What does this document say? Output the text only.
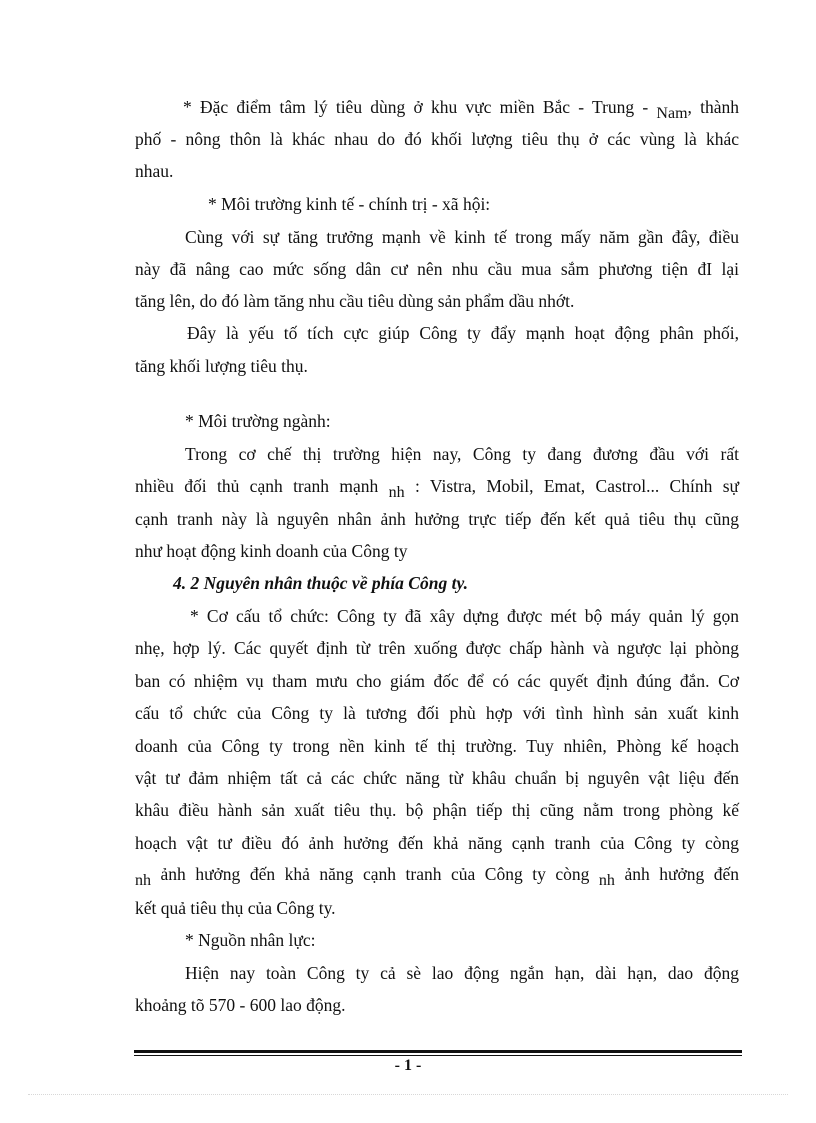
* Đặc điểm tâm lý tiêu dùng ở khu vực miền Bắc - Trung - Nam, thành
phố - nông thôn là khác nhau do đó khối lượng tiêu thụ ở các vùng là khác
nhau.
* Môi trường kinh tế - chính trị - xã hội:
Cùng với sự tăng trưởng mạnh về kinh tế trong mấy năm gần đây, điều
này đã nâng cao mức sống dân cư nên nhu cầu mua sắm phương tiện đI lại
tăng lên, do đó làm tăng nhu cầu tiêu dùng sản phẩm dầu nhớt.
Đây là yếu tố tích cực giúp Công ty đẩy mạnh hoạt động phân phối,
tăng khối lượng tiêu thụ.
* Môi trường ngành:
Trong cơ chế thị trường hiện nay, Công ty đang đương đầu với rất
nhiều đối thủ cạnh tranh mạnh nh : Vistra, Mobil, Emat, Castrol... Chính sự
cạnh tranh này là nguyên nhân ảnh hưởng trực tiếp đến kết quả tiêu thụ cũng
như hoạt động kinh doanh của Công ty
4. 2 Nguyên nhân thuộc về phía Công ty.
* Cơ cấu tổ chức: Công ty đã xây dựng được mét bộ máy quản lý gọn
nhẹ, hợp lý. Các quyết định từ trên xuống được chấp hành và ngược lại phòng
ban có nhiệm vụ tham mưu cho giám đốc để có các quyết định đúng đắn. Cơ
cấu tổ chức của Công ty là tương đối phù hợp với tình hình sản xuất kinh
doanh của Công ty trong nền kinh tế thị trường. Tuy nhiên, Phòng kế hoạch
vật tư đảm nhiệm tất cả các chức năng từ khâu chuẩn bị nguyên vật liệu đến
khâu điều hành sản xuất tiêu thụ. bộ phận tiếp thị cũng nằm trong phòng kế
hoạch vật tư điều đó ảnh hưởng đến khả năng cạnh tranh của Công ty còng
nh ảnh hưởng đến khả năng cạnh tranh của Công ty còng nh ảnh hưởng đến
kết quả tiêu thụ của Công ty.
* Nguồn nhân lực:
Hiện nay toàn Công ty cả sè lao động ngắn hạn, dài hạn, dao động
khoảng tõ 570 - 600 lao động.
- 1 -
